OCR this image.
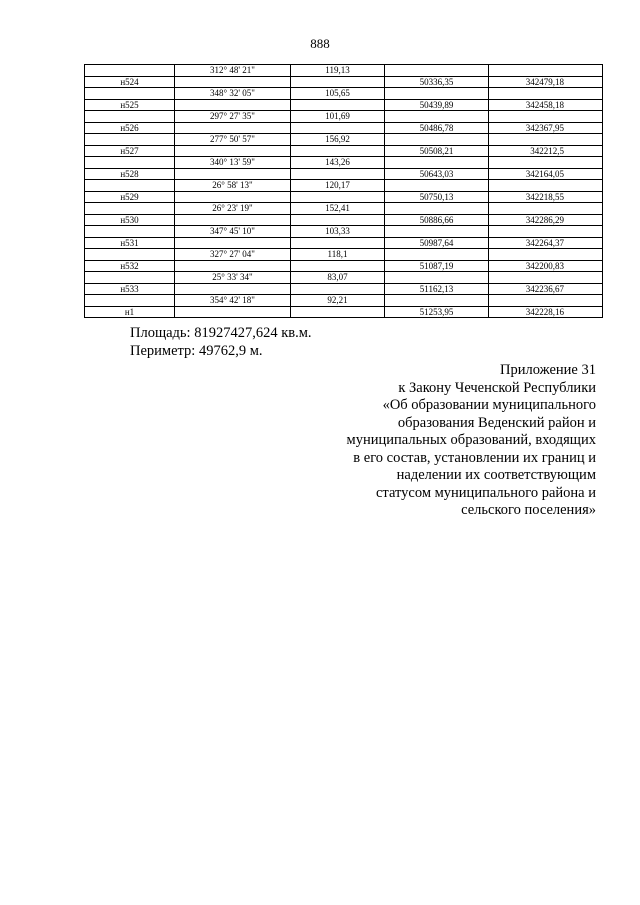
888
	312° 48' 21"	119,13		
н524			50336,35	342479,18
	348° 32' 05"	105,65		
н525			50439,89	342458,18
	297° 27' 35"	101,69		
н526			50486,78	342367,95
	277° 50' 57"	156,92		
н527			50508,21	342212,5
	340° 13' 59"	143,26		
н528			50643,03	342164,05
	26° 58' 13"	120,17		
н529			50750,13	342218,55
	26° 23' 19"	152,41		
н530			50886,66	342286,29
	347° 45' 10"	103,33		
н531			50987,64	342264,37
	327° 27' 04"	118,1		
н532			51087,19	342200,83
	25° 33' 34"	83,07		
н533			51162,13	342236,67
	354° 42' 18"	92,21		
н1			51253,95	342228,16
Площадь: 81927427,624 кв.м.
Периметр: 49762,9 м.
Приложение 31
к Закону Чеченской Республики
«Об образовании муниципального
образования Веденский район и
муниципальных образований, входящих
в его состав, установлении их границ и
наделении их соответствующим
статусом муниципального района и
сельского поселения»
